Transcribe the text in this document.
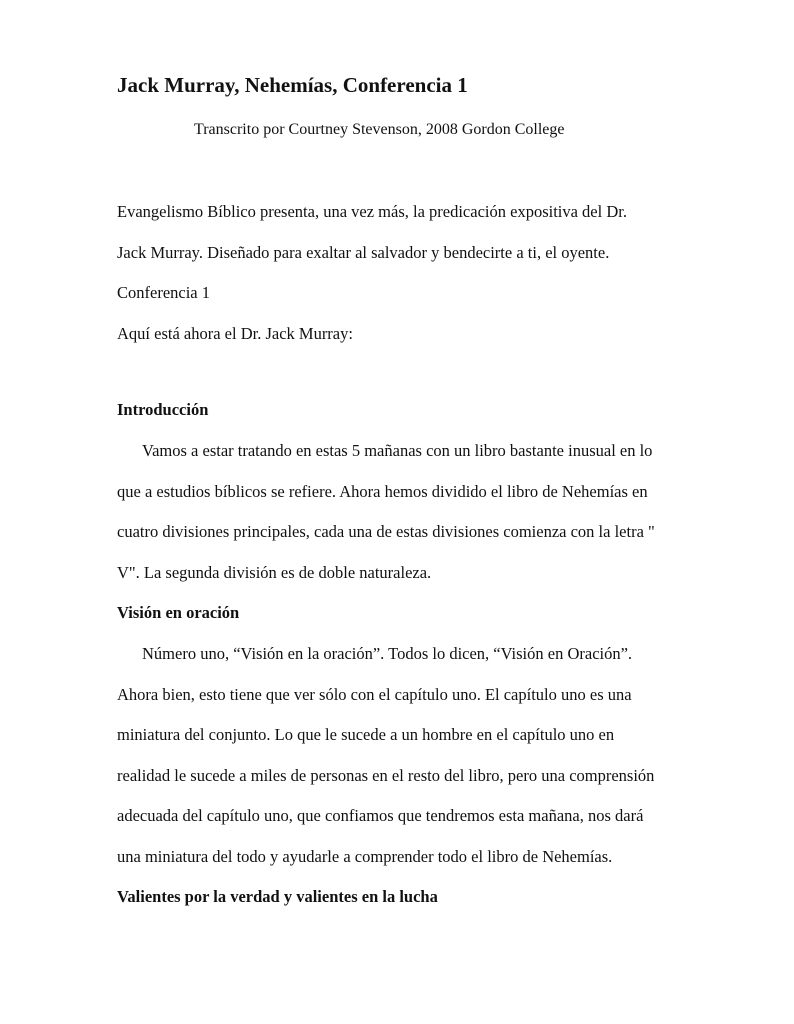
Jack Murray, Nehemías, Conferencia 1

Transcrito por Courtney Stevenson, 2008 Gordon College

Evangelismo Bíblico presenta, una vez más, la predicación expositiva del Dr.

Jack Murray. Diseñado para exaltar al salvador y bendecirte a ti, el oyente.

Conferencia 1

Aquí está ahora el Dr. Jack Murray:

Introducción

Vamos a estar tratando en estas 5 mañanas con un libro bastante inusual en lo

que a estudios bíblicos se refiere. Ahora hemos dividido el libro de Nehemías en

cuatro divisiones principales, cada una de estas divisiones comienza con la letra "

V". La segunda división es de doble naturaleza.

Visión en oración

Número uno, “Visión en la oración”. Todos lo dicen, “Visión en Oración”.

Ahora bien, esto tiene que ver sólo con el capítulo uno. El capítulo uno es una

miniatura del conjunto. Lo que le sucede a un hombre en el capítulo uno en

realidad le sucede a miles de personas en el resto del libro, pero una comprensión

adecuada del capítulo uno, que confiamos que tendremos esta mañana, nos dará

una miniatura del todo y ayudarle a comprender todo el libro de Nehemías.

Valientes por la verdad y valientes en la lucha
